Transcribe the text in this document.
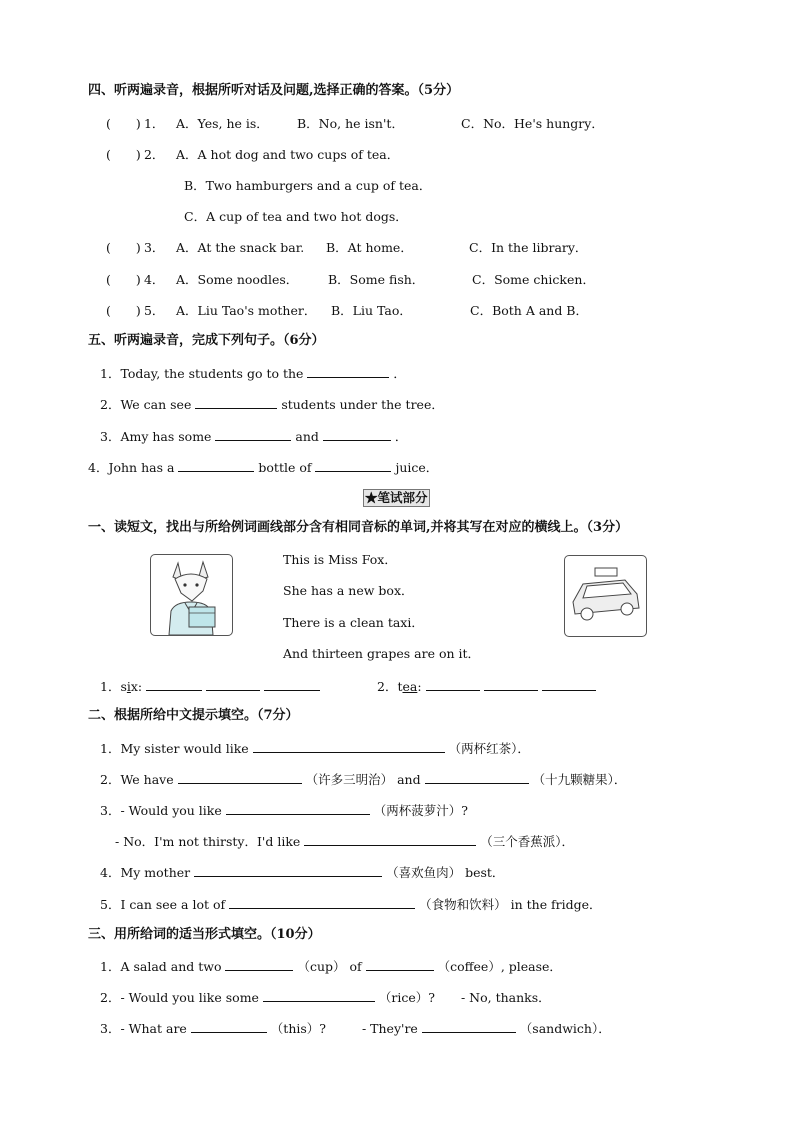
四、听两遍录音，根据所听对话及问题,选择正确的答案。（5分）
(　　) 1． A．Yes, he is． B．No, he isn't．	C．No．He's hungry．
(　　) 2． A．A hot dog and two cups of tea．
B．Two hamburgers and a cup of tea．
C．A cup of tea and two hot dogs．
(　　) 3． A．At the snack bar. B．At home．	C．In the library．
(　　) 4． A．Some noodles． B．Some fish．	C．Some chicken．
(　　) 5． A．Liu Tao's mother． B．Liu Tao．	C．Both A and B．
五、听两遍录音，完成下列句子。（6分）
1．Today, the students go to the	．
2．We can see	students under the tree．
3．Amy has some	and	．
4．John has a	bottle of	juice．
★笔试部分
一、读短文，找出与所给例词画线部分含有相同音标的单词,并将其写在对应的横线上。（3分）
This is Miss Fox．
She has a new box．
There is a clean taxi．
And thirteen grapes are on it．
1．six:	2．tea:
二、根据所给中文提示填空。（7分）
1．My sister would like	（两杯红茶）．
2．We have	（许多三明治） and	（十九颗糖果）．
3．- Would you like	（两杯菠萝汁）?
- No．I'm not thirsty．I'd like	（三个香蕉派）．
4．My mother	（喜欢鱼肉） best．
5．I can see a lot of	（食物和饮料） in the fridge．
三、用所给词的适当形式填空。（10分）
1．A salad and two	（cup） of	（coffee）, please．
2．- Would you like some	（rice）? - No, thanks．
3．- What are	（this）?	- They're	（sandwich）．
